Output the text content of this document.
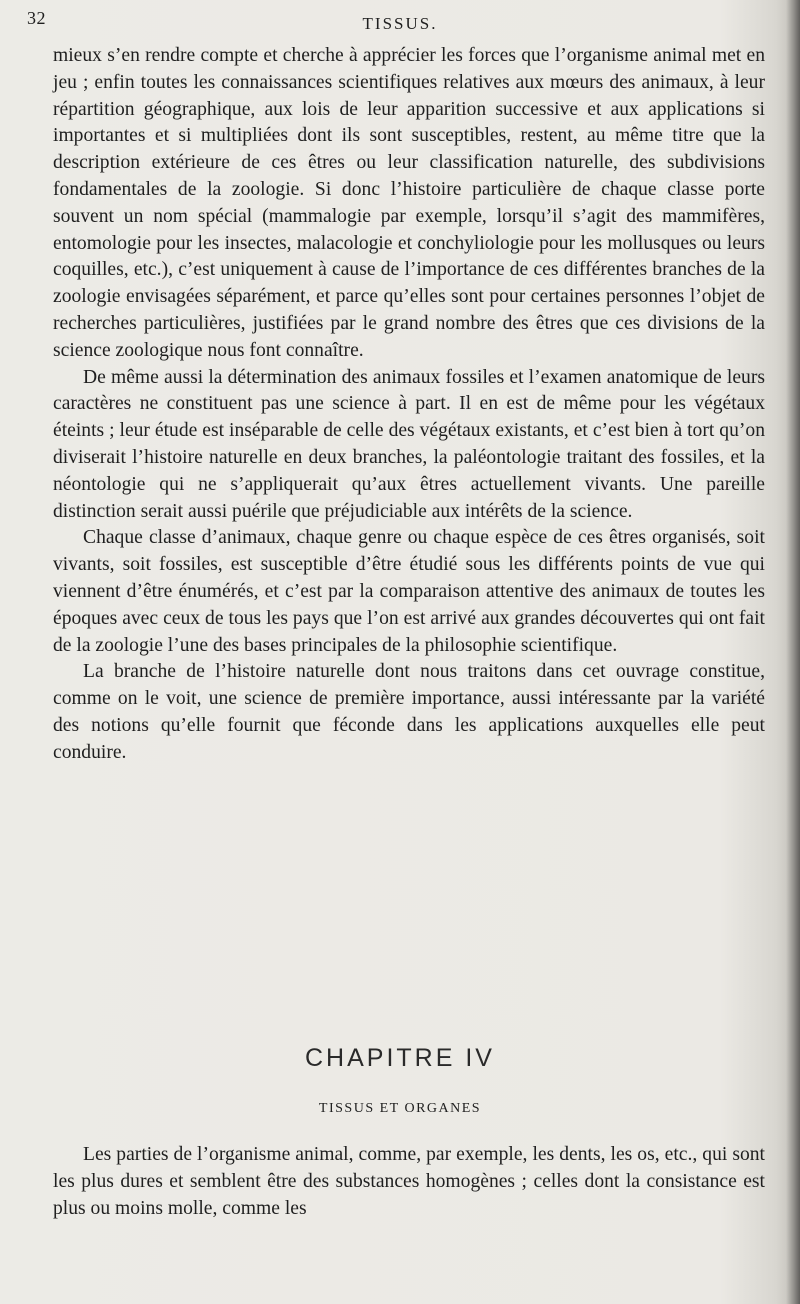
32	TISSUS.

mieux s’en rendre compte et cherche à apprécier les forces que l’organisme animal met en jeu ; enfin toutes les connaissances scientifiques relatives aux mœurs des animaux, à leur répartition géographique, aux lois de leur apparition successive et aux applications si importantes et si multipliées dont ils sont susceptibles, restent, au même titre que la description extérieure de ces êtres ou leur classification naturelle, des subdivisions fondamentales de la zoologie. Si donc l’histoire particulière de chaque classe porte souvent un nom spécial (mammalogie par exemple, lorsqu’il s’agit des mammifères, entomologie pour les insectes, malacologie et conchyliologie pour les mollusques ou leurs coquilles, etc.), c’est uniquement à cause de l’importance de ces différentes branches de la zoologie envisagées séparément, et parce qu’elles sont pour certaines personnes l’objet de recherches particulières, justifiées par le grand nombre des êtres que ces divisions de la science zoologique nous font connaître.

De même aussi la détermination des animaux fossiles et l’examen anatomique de leurs caractères ne constituent pas une science à part. Il en est de même pour les végétaux éteints ; leur étude est inséparable de celle des végétaux existants, et c’est bien à tort qu’on diviserait l’histoire naturelle en deux branches, la paléontologie traitant des fossiles, et la néontologie qui ne s’appliquerait qu’aux êtres actuellement vivants. Une pareille distinction serait aussi puérile que préjudiciable aux intérêts de la science.

Chaque classe d’animaux, chaque genre ou chaque espèce de ces êtres organisés, soit vivants, soit fossiles, est susceptible d’être étudié sous les différents points de vue qui viennent d’être énumérés, et c’est par la comparaison attentive des animaux de toutes les époques avec ceux de tous les pays que l’on est arrivé aux grandes découvertes qui ont fait de la zoologie l’une des bases principales de la philosophie scientifique.

La branche de l’histoire naturelle dont nous traitons dans cet ouvrage constitue, comme on le voit, une science de première importance, aussi intéressante par la variété des notions qu’elle fournit que féconde dans les applications auxquelles elle peut conduire.

CHAPITRE IV
TISSUS ET ORGANES

Les parties de l’organisme animal, comme, par exemple, les dents, les os, etc., qui sont les plus dures et semblent être des substances homogènes ; celles dont la consistance est plus ou moins molle, comme les
